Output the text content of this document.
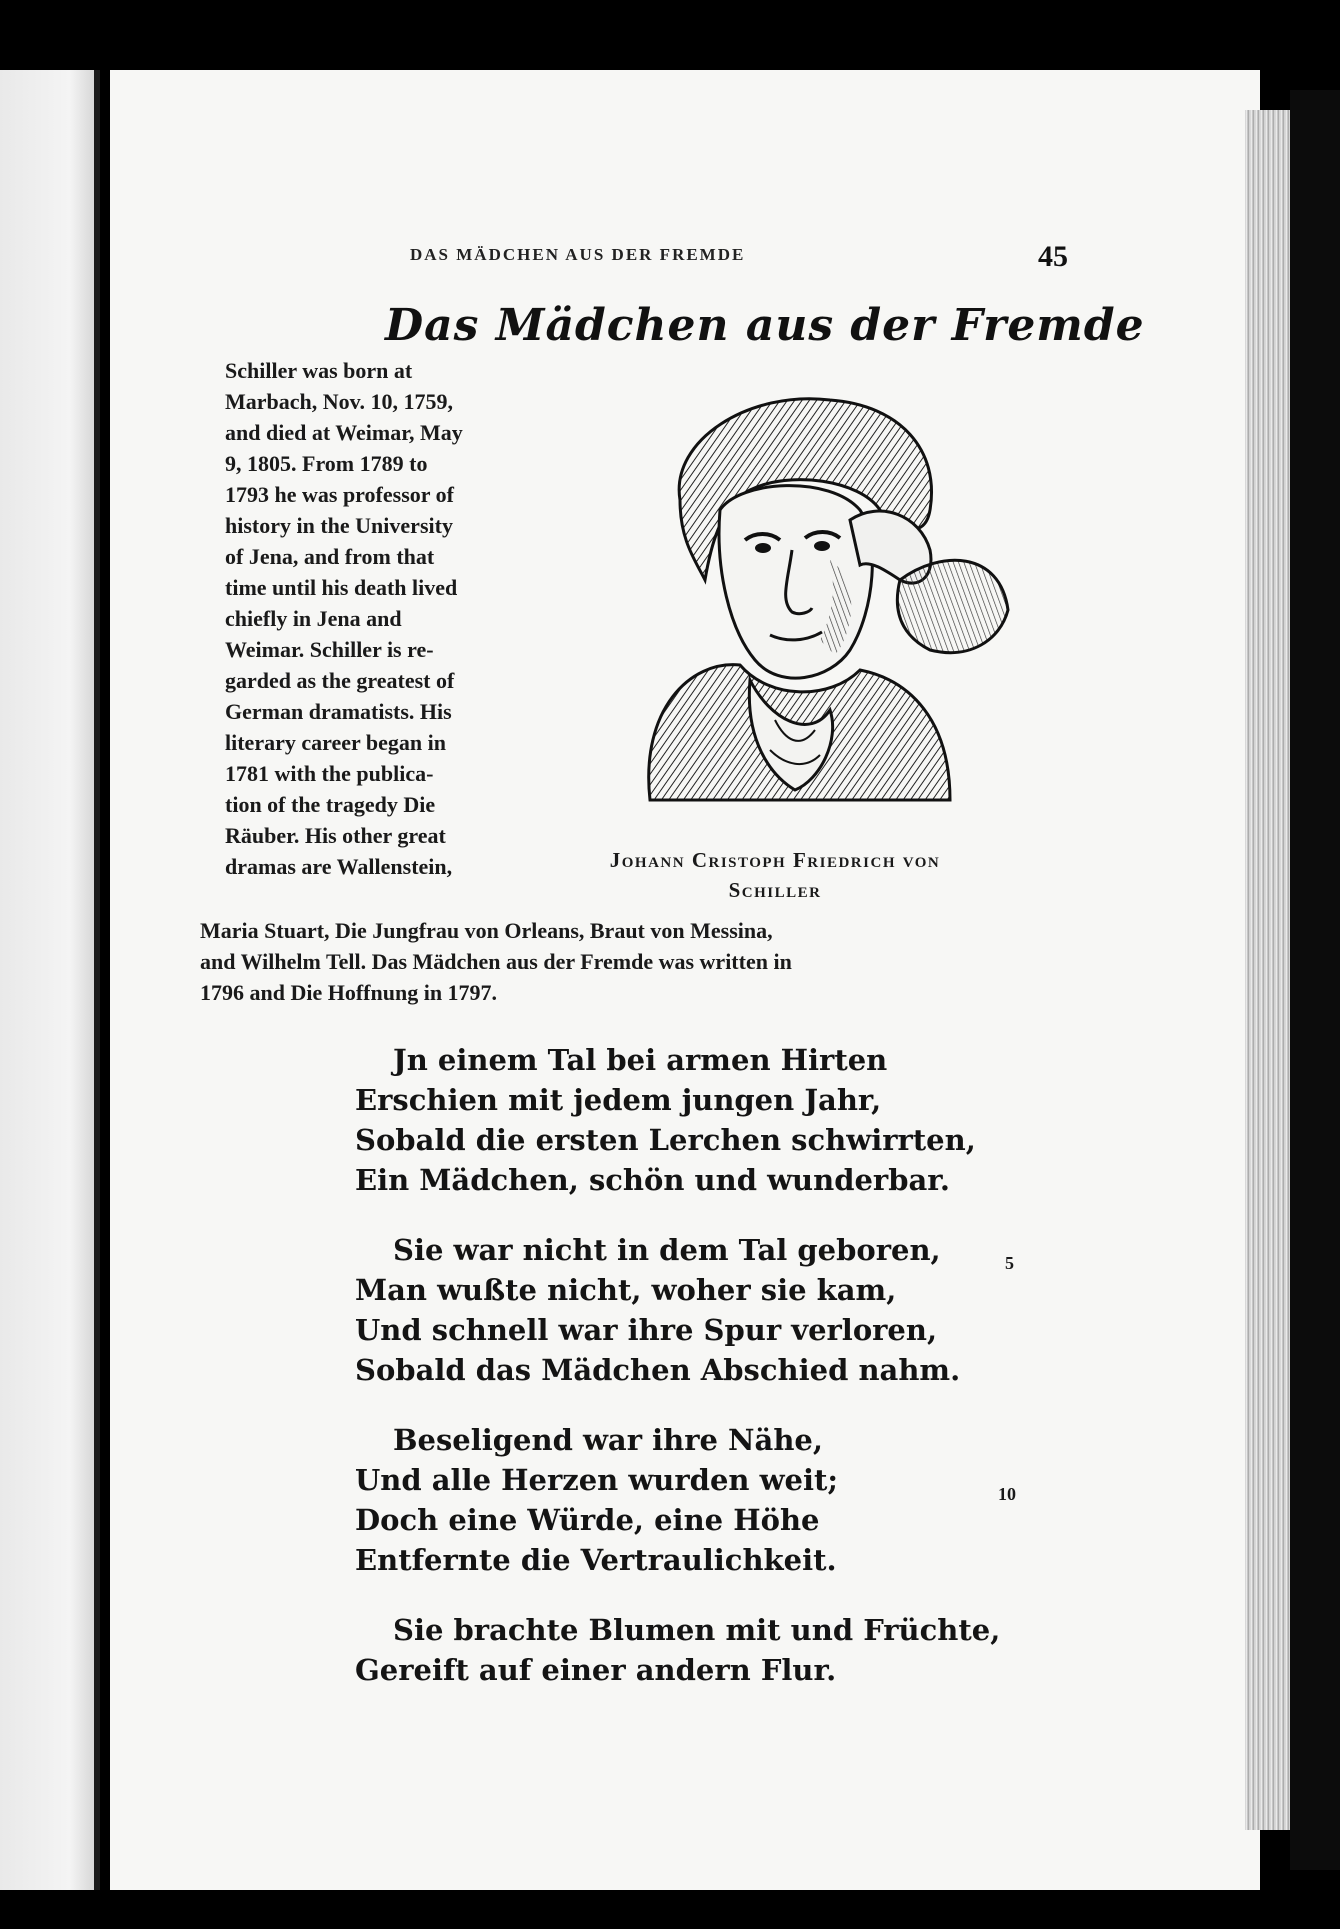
DAS MÄDCHEN AUS DER FREMDE	45
Das Mädchen aus der Fremde
Schiller was born at
Marbach, Nov. 10, 1759,
and died at Weimar, May
9, 1805. From 1789 to
1793 he was professor of
history in the University
of Jena, and from that
time until his death lived
chiefly in Jena and
Weimar. Schiller is re-
garded as the greatest of
German dramatists. His
literary career began in
1781 with the publica-
tion of the tragedy Die
Räuber. His other great
dramas are Wallenstein,
Maria Stuart, Die Jungfrau von Orleans, Braut von Messina,
and Wilhelm Tell. Das Mädchen aus der Fremde was written in
1796 and Die Hoffnung in 1797.
Johann Cristoph Friedrich von
Schiller
Jn einem Tal bei armen Hirten
Erschien mit jedem jungen Jahr,
Sobald die ersten Lerchen schwirrten,
Ein Mädchen, schön und wunderbar.
Sie war nicht in dem Tal geboren,
Man wußte nicht, woher sie kam,
Und schnell war ihre Spur verloren,
Sobald das Mädchen Abschied nahm.
Beseligend war ihre Nähe,
Und alle Herzen wurden weit;
Doch eine Würde, eine Höhe
Entfernte die Vertraulichkeit.
Sie brachte Blumen mit und Früchte,
Gereift auf einer andern Flur.
5
10
